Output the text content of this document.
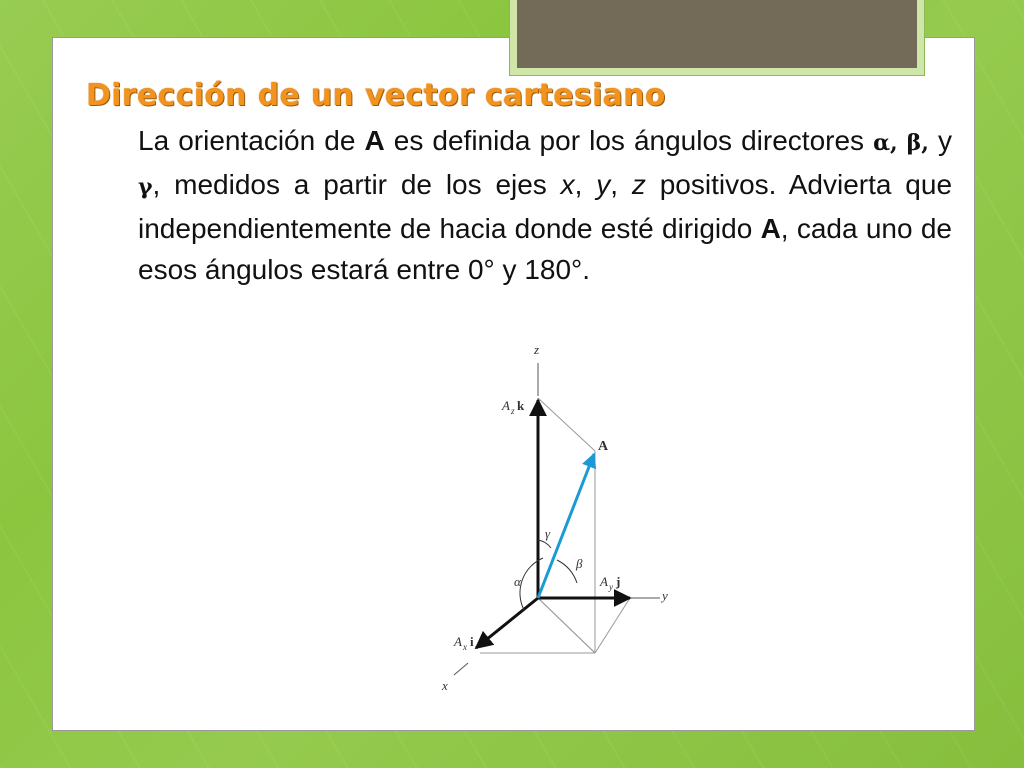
Dirección de un vector cartesiano

La orientación de A es definida por los ángulos directores α, β, y γ, medidos a partir de los ejes x, y, z positivos. Advierta que independientemente de hacia donde esté dirigido A, cada uno de esos ángulos estará entre 0° y 180°.

z
y
x
A
A z k
A y j
A x i
α
β
γ
